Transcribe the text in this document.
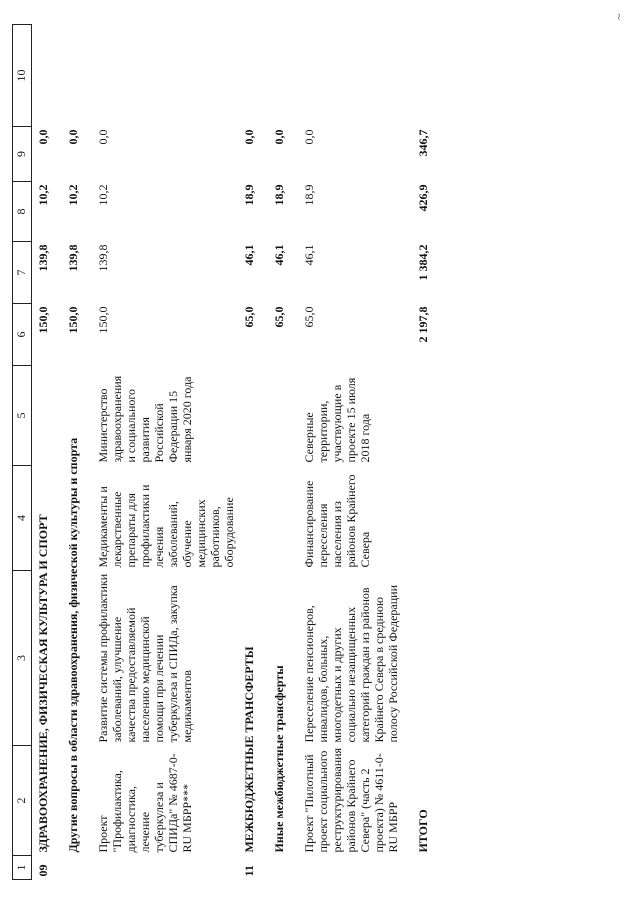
1	2	3	4	5	6	7	8	9	10
09	ЗДРАВООХРАНЕНИЕ, ФИЗИЧЕСКАЯ КУЛЬТУРА И СПОРТ				150,0	139,8	10,2	0,0	
	Другие вопросы в области здравоохранения, физической культуры и спорта				150,0	139,8	10,2	0,0	
	Проект "Профилактика, диагностика, лечение туберкулеза и СПИДа" № 4687-0-RU МБРР***	Развитие системы профилактики заболеваний, улучшение качества предоставляемой населению медицинской помощи при лечении туберкулеза и СПИДа, закупка медикаментов	Медикаменты и лекарственные препараты для профилактики и лечения заболеваний, обучение медицинских работников, оборудование	Министерство здравоохранения и социального развития Российской Федерации 15 января 2020 года	150,0	139,8	10,2	0,0	
11	МЕЖБЮДЖЕТНЫЕ ТРАНСФЕРТЫ				65,0	46,1	18,9	0,0	
	Иные межбюджетные трансферты				65,0	46,1	18,9	0,0	
	Проект "Пилотный проект социального реструктурирования районов Крайнего Севера" (часть 2 проекта) № 4611-0-RU МБРР	Переселение пенсионеров, инвалидов, больных, многодетных и других социально незащищенных категорий граждан из районов Крайнего Севера в среднюю полосу Российской Федерации	Финансирование переселения населения из районов Крайнего Севера	Северные территории, участвующие в проекте 15 июля 2018 года	65,0	46,1	18,9	0,0	
	ИТОГО				2 197,8	1 384,2	426,9	346,7	
~
